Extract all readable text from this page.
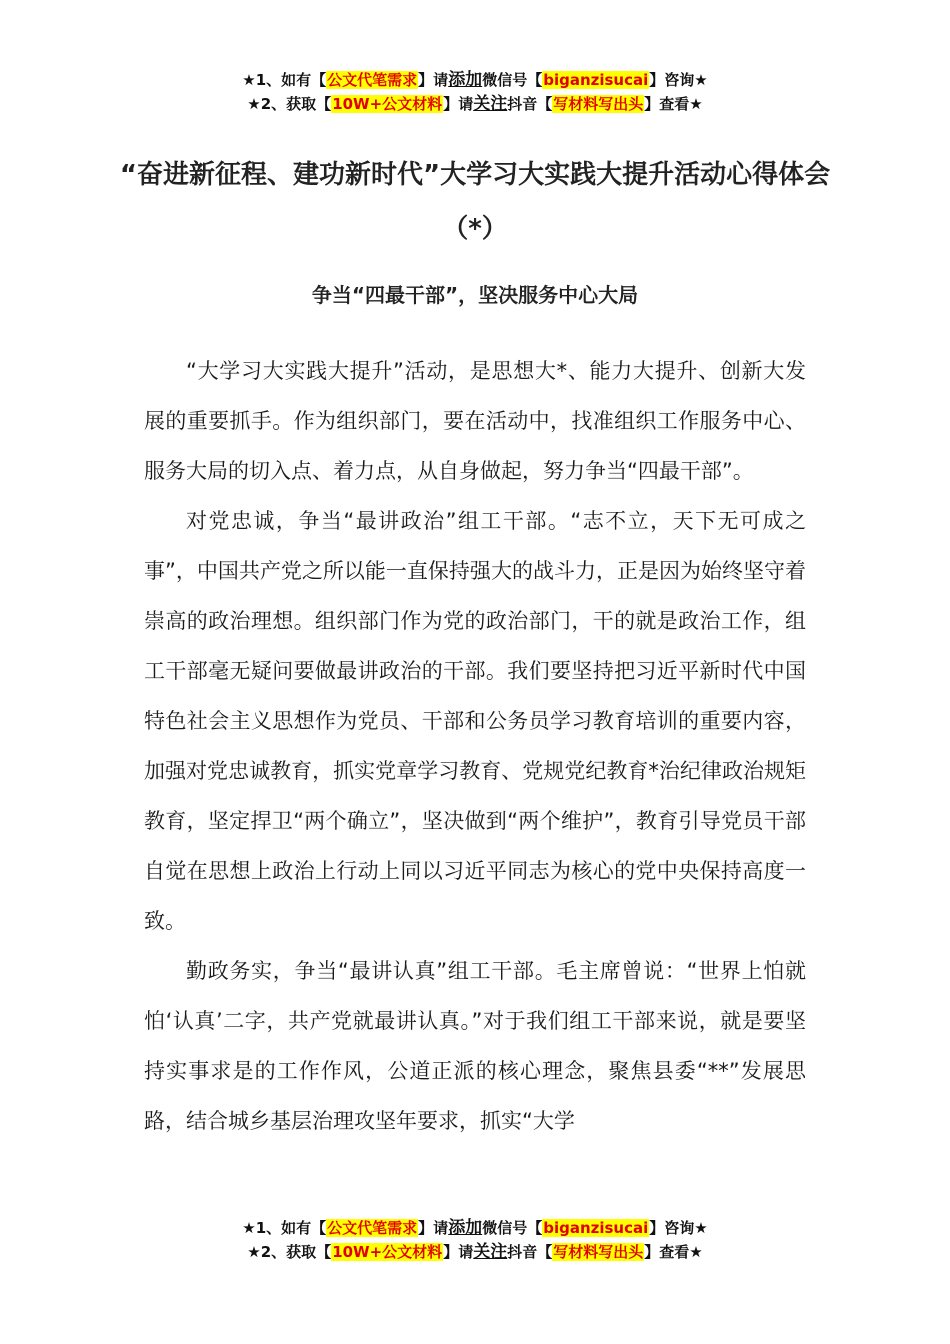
★1、如有【公文代笔需求】请添加微信号【biganzisucai】咨询★
★2、获取【10W+公文材料】请关注抖音【写材料写出头】查看★
“奋进新征程、建功新时代”大学习大实践大提升活动心得体会（*）
争当“四最干部”，坚决服务中心大局

“大学习大实践大提升”活动，是思想大*、能力大提升、创新大发展的重要抓手。作为组织部门，要在活动中，找准组织工作服务中心、服务大局的切入点、着力点，从自身做起，努力争当“四最干部”。

对党忠诚，争当“最讲政治”组工干部。“志不立，天下无可成之事”，中国共产党之所以能一直保持强大的战斗力，正是因为始终坚守着崇高的政治理想。组织部门作为党的政治部门，干的就是政治工作，组工干部毫无疑问要做最讲政治的干部。我们要坚持把习近平新时代中国特色社会主义思想作为党员、干部和公务员学习教育培训的重要内容，加强对党忠诚教育，抓实党章学习教育、党规党纪教育*治纪律政治规矩教育，坚定捍卫“两个确立”，坚决做到“两个维护”，教育引导党员干部自觉在思想上政治上行动上同以习近平同志为核心的党中央保持高度一致。

勤政务实，争当“最讲认真”组工干部。毛主席曾说：“世界上怕就怕‘认真’二字，共产党就最讲认真。”对于我们组工干部来说，就是要坚持实事求是的工作作风，公道正派的核心理念，聚焦县委“**”发展思路，结合城乡基层治理攻坚年要求，抓实“大学

★1、如有【公文代笔需求】请添加微信号【biganzisucai】咨询★
★2、获取【10W+公文材料】请关注抖音【写材料写出头】查看★
